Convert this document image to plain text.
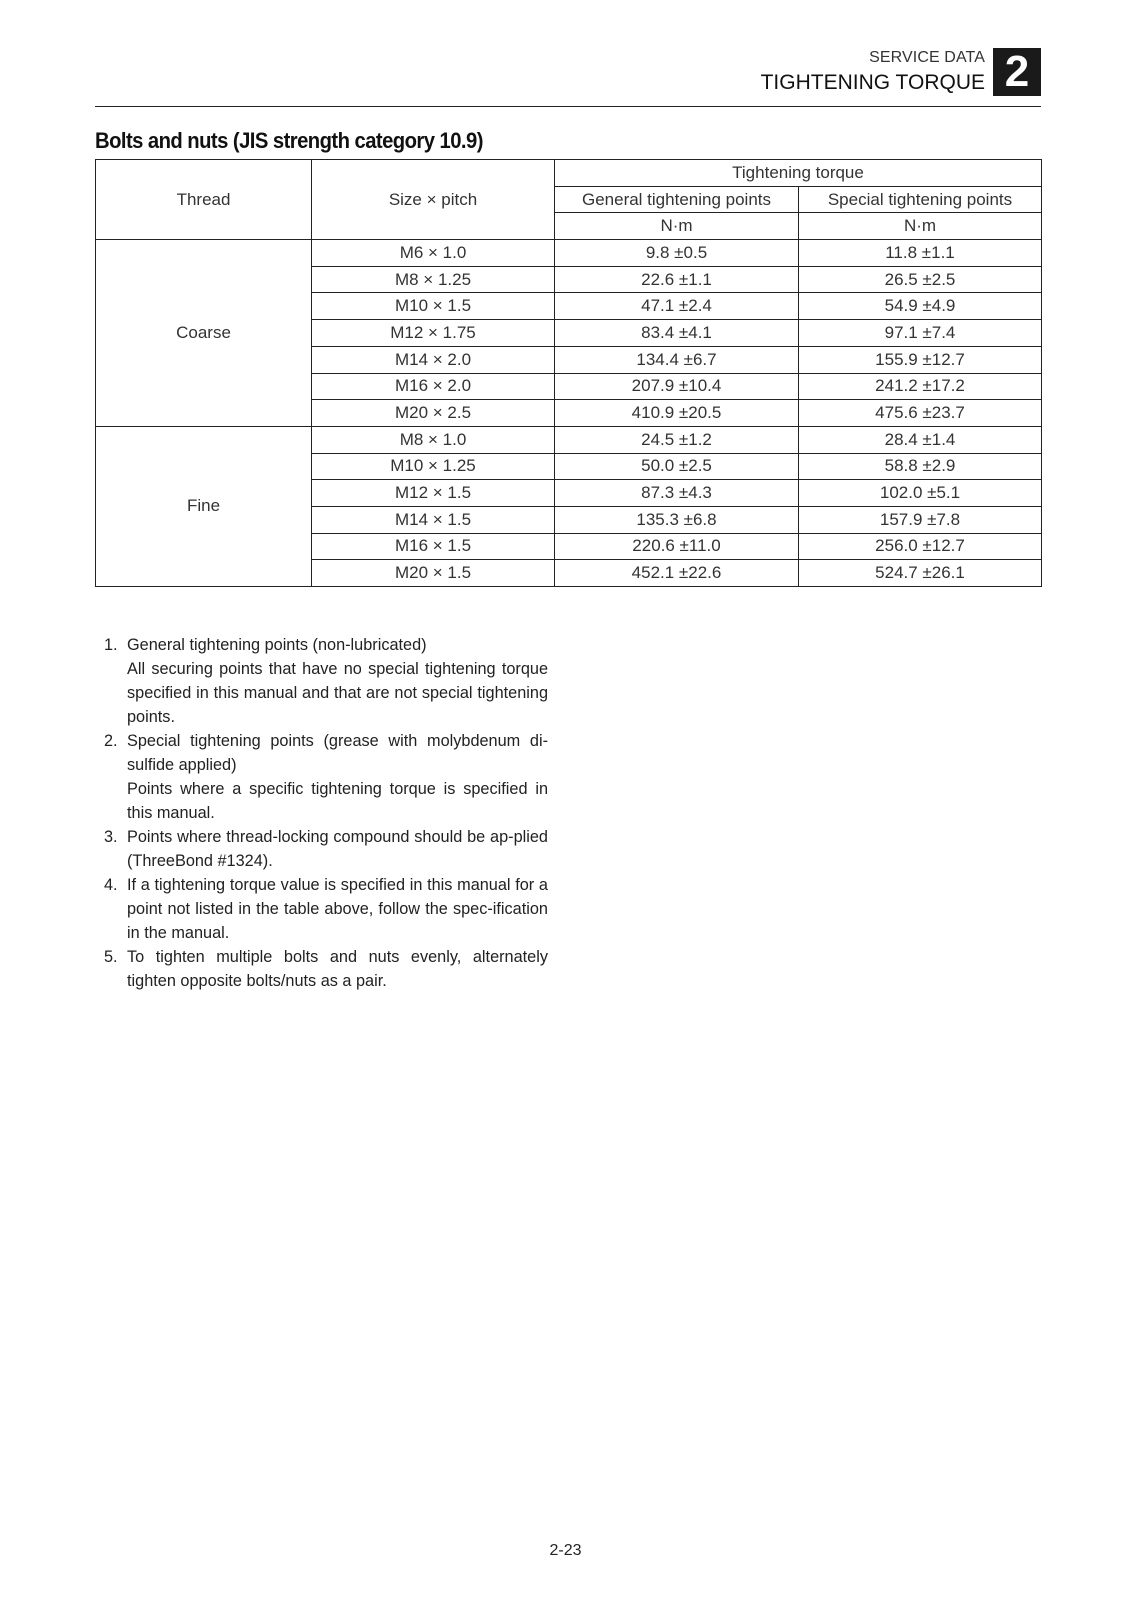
SERVICE DATA
TIGHTENING TORQUE 2
Bolts and nuts (JIS strength category 10.9)
Thread	Size × pitch	Tightening torque	
		General tightening points	Special tightening points
		N·m	N·m
Coarse	M6 × 1.0	9.8 ±0.5	11.8 ±1.1
	M8 × 1.25	22.6 ±1.1	26.5 ±2.5
	M10 × 1.5	47.1 ±2.4	54.9 ±4.9
	M12 × 1.75	83.4 ±4.1	97.1 ±7.4
	M14 × 2.0	134.4 ±6.7	155.9 ±12.7
	M16 × 2.0	207.9 ±10.4	241.2 ±17.2
	M20 × 2.5	410.9 ±20.5	475.6 ±23.7
Fine	M8 × 1.0	24.5 ±1.2	28.4 ±1.4
	M10 × 1.25	50.0 ±2.5	58.8 ±2.9
	M12 × 1.5	87.3 ±4.3	102.0 ±5.1
	M14 × 1.5	135.3 ±6.8	157.9 ±7.8
	M16 × 1.5	220.6 ±11.0	256.0 ±12.7
	M20 × 1.5	452.1 ±22.6	524.7 ±26.1
1. General tightening points (non-lubricated)
All securing points that have no special tightening torque specified in this manual and that are not special tightening points.
2. Special tightening points (grease with molybdenum di-sulfide applied)
Points where a specific tightening torque is specified in this manual.
3. Points where thread-locking compound should be ap-plied (ThreeBond #1324).
4. If a tightening torque value is specified in this manual for a point not listed in the table above, follow the spec-ification in the manual.
5. To tighten multiple bolts and nuts evenly, alternately tighten opposite bolts/nuts as a pair.
2-23
